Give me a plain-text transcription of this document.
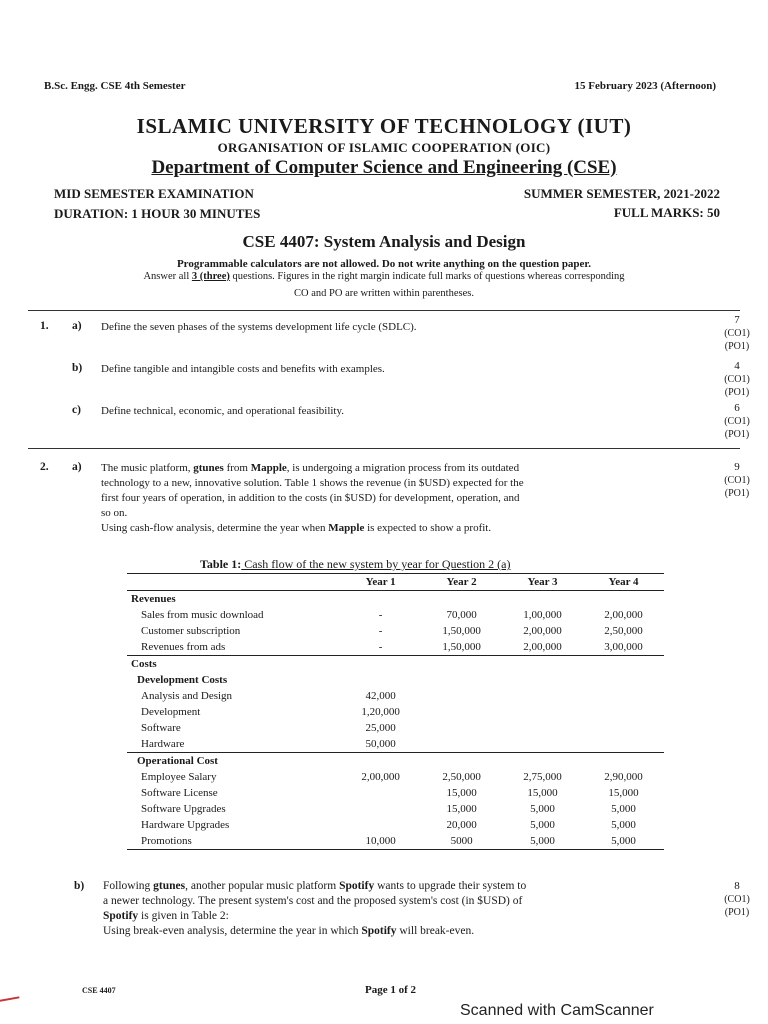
B.Sc. Engg. CSE 4th Semester	15 February 2023 (Afternoon)
ISLAMIC UNIVERSITY OF TECHNOLOGY (IUT)
ORGANISATION OF ISLAMIC COOPERATION (OIC)
Department of Computer Science and Engineering (CSE)
MID SEMESTER EXAMINATION	SUMMER SEMESTER, 2021-2022
DURATION: 1 HOUR 30 MINUTES	FULL MARKS: 50
CSE 4407: System Analysis and Design
Programmable calculators are not allowed. Do not write anything on the question paper.
Answer all 3 (three) questions. Figures in the right margin indicate full marks of questions whereas corresponding
CO and PO are written within parentheses.
1. a) Define the seven phases of the systems development life cycle (SDLC).
7
(CO1)
(PO1)
b) Define tangible and intangible costs and benefits with examples.	4
(CO1)
(PO1)
c) Define technical, economic, and operational feasibility.	6
(CO1)
(PO1)
2. a) The music platform, gtunes from Mapple, is undergoing a migration process from its outdated
technology to a new, innovative solution. Table 1 shows the revenue (in $USD) expected for the
first four years of operation, in addition to the costs (in $USD) for development, operation, and
so on.
Using cash-flow analysis, determine the year when Mapple is expected to show a profit.
9
(CO1)
(PO1)
Table 1: Cash flow of the new system by year for Question 2 (a)
	Year 1	Year 2	Year 3	Year 4
Revenues				
Sales from music download	-	70,000	1,00,000	2,00,000
Customer subscription	-	1,50,000	2,00,000	2,50,000
Revenues from ads	-	1,50,000	2,00,000	3,00,000
Costs				
Development Costs				
Analysis and Design	42,000			
Development	1,20,000			
Software	25,000			
Hardware	50,000			
Operational Cost				
Employee Salary	2,00,000	2,50,000	2,75,000	2,90,000
Software License		15,000	15,000	15,000
Software Upgrades		15,000	5,000	5,000
Hardware Upgrades		20,000	5,000	5,000
Promotions	10,000	5000	5,000	5,000
b) Following gtunes, another popular music platform Spotify wants to upgrade their system to
a newer technology. The present system's cost and the proposed system's cost (in $USD) of
Spotify is given in Table 2:
Using break-even analysis, determine the year in which Spotify will break-even.
8
(CO1)
(PO1)
CSE 4407	Page 1 of 2
Scanned with CamScanner
